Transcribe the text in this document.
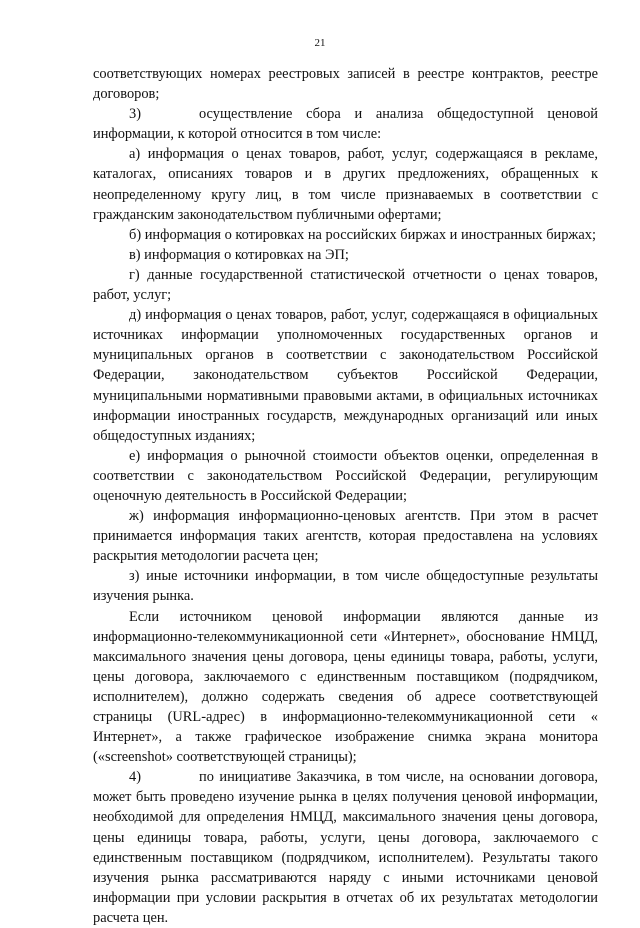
21

соответствующих номерах реестровых записей в реестре контрактов, реестре договоров;

3)	осуществление сбора и анализа общедоступной ценовой информации, к которой относится в том числе:

а) информация о ценах товаров, работ, услуг, содержащаяся в рекламе, каталогах, описаниях товаров и в других предложениях, обращенных к неопределенному кругу лиц, в том числе признаваемых в соответствии с гражданским законодательством публичными офертами;

б) информация о котировках на российских биржах и иностранных биржах;

в) информация о котировках на ЭП;

г) данные государственной статистической отчетности о ценах товаров, работ, услуг;

д) информация о ценах товаров, работ, услуг, содержащаяся в официальных источниках информации уполномоченных государственных органов и муниципальных органов в соответствии с законодательством Российской Федерации, законодательством субъектов Российской Федерации, муниципальными нормативными правовыми актами, в официальных источниках информации иностранных государств, международных организаций или иных общедоступных изданиях;

е) информация о рыночной стоимости объектов оценки, определенная в соответствии с законодательством Российской Федерации, регулирующим оценочную деятельность в Российской Федерации;

ж) информация информационно-ценовых агентств. При этом в расчет принимается информация таких агентств, которая предоставлена на условиях раскрытия методологии расчета цен;

з) иные источники информации, в том числе общедоступные результаты изучения рынка.

Если источником ценовой информации являются данные из информационно-телекоммуникационной сети «Интернет», обоснование НМЦД, максимального значения цены договора, цены единицы товара, работы, услуги, цены договора, заключаемого с единственным поставщиком (подрядчиком, исполнителем), должно содержать сведения об адресе соответствующей страницы (URL-адрес) в информационно-телекоммуникационной сети « Интернет», а также графическое изображение снимка экрана монитора («screenshot» соответствующей страницы);

4)	по инициативе Заказчика, в том числе, на основании договора, может быть проведено изучение рынка в целях получения ценовой информации, необходимой для определения НМЦД, максимального значения цены договора, цены единицы товара, работы, услуги, цены договора, заключаемого с единственным поставщиком (подрядчиком, исполнителем). Результаты такого изучения рынка рассматриваются наряду с иными источниками ценовой информации при условии раскрытия в отчетах об их результатах методологии расчета цен.
